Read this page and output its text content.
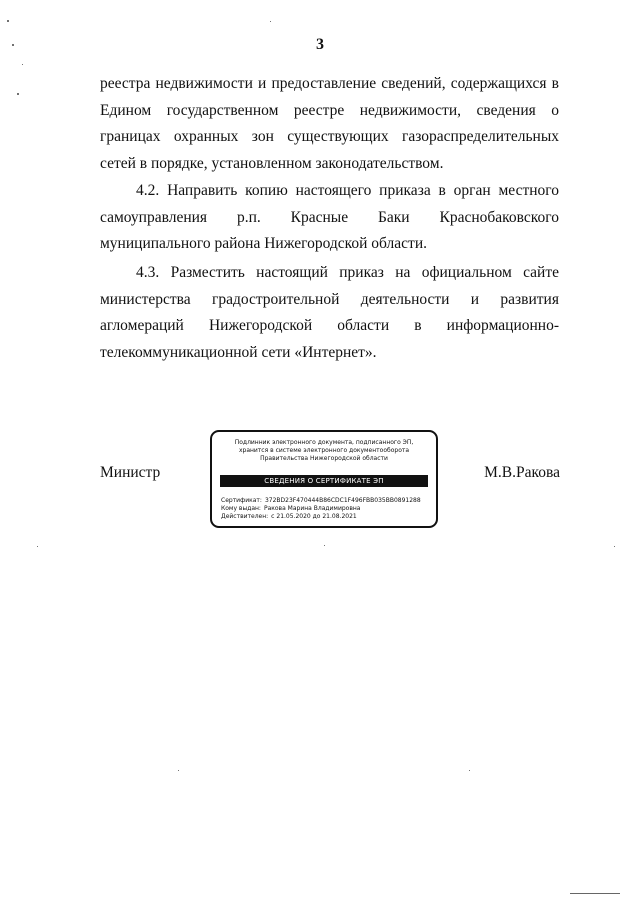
3

реестра недвижимости и предоставление сведений, содержащихся в Едином государственном реестре недвижимости, сведения о границах охранных зон существующих газораспределительных сетей в порядке, установленном законодательством.

4.2. Направить копию настоящего приказа в орган местного самоуправления р.п. Красные Баки Краснобаковского муниципального района Нижегородской области.

4.3. Разместить настоящий приказ на официальном сайте министерства градостроительной деятельности и развития агломераций Нижегородской области в информационно-телекоммуникационной сети «Интернет».

Министр	М.В.Ракова
Подлинник электронного документа, подписанного ЭП,
хранится в системе электронного документооборота
Правительства Нижегородской области
СВЕДЕНИЯ О СЕРТИФИКАТЕ ЭП
Сертификат: 372BD23F470444B86CDC1F496FBB035BB0891288
Кому выдан: Ракова Марина Владимировна
Действителен: с 21.05.2020 до 21.08.2021
